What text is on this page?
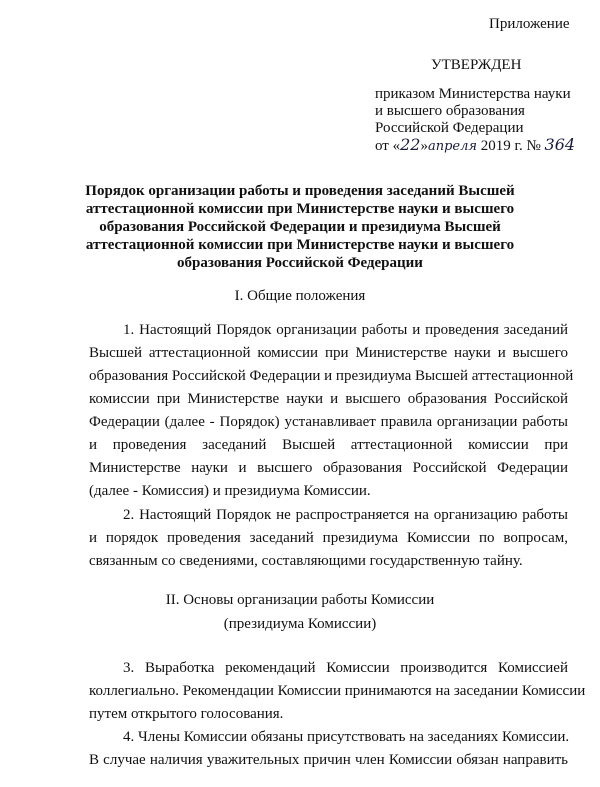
Приложение
УТВЕРЖДЕН
приказом Министерства науки
и высшего образования
Российской Федерации
от «22»апреля 2019 г. № 364
Порядок организации работы и проведения заседаний Высшей
аттестационной комиссии при Министерстве науки и высшего
образования Российской Федерации и президиума Высшей
аттестационной комиссии при Министерстве науки и высшего
образования Российской Федерации
I. Общие положения
1. Настоящий Порядок организации работы и проведения заседаний
Высшей аттестационной комиссии при Министерстве науки и высшего
образования Российской Федерации и президиума Высшей аттестационной
комиссии при Министерстве науки и высшего образования Российской
Федерации (далее - Порядок) устанавливает правила организации работы
и проведения заседаний Высшей аттестационной комиссии при
Министерстве науки и высшего образования Российской Федерации
(далее - Комиссия) и президиума Комиссии.
2. Настоящий Порядок не распространяется на организацию работы
и порядок проведения заседаний президиума Комиссии по вопросам,
связанным со сведениями, составляющими государственную тайну.
II. Основы организации работы Комиссии
(президиума Комиссии)
3. Выработка рекомендаций Комиссии производится Комиссией
коллегиально. Рекомендации Комиссии принимаются на заседании Комиссии
путем открытого голосования.
4. Члены Комиссии обязаны присутствовать на заседаниях Комиссии.
В случае наличия уважительных причин член Комиссии обязан направить
